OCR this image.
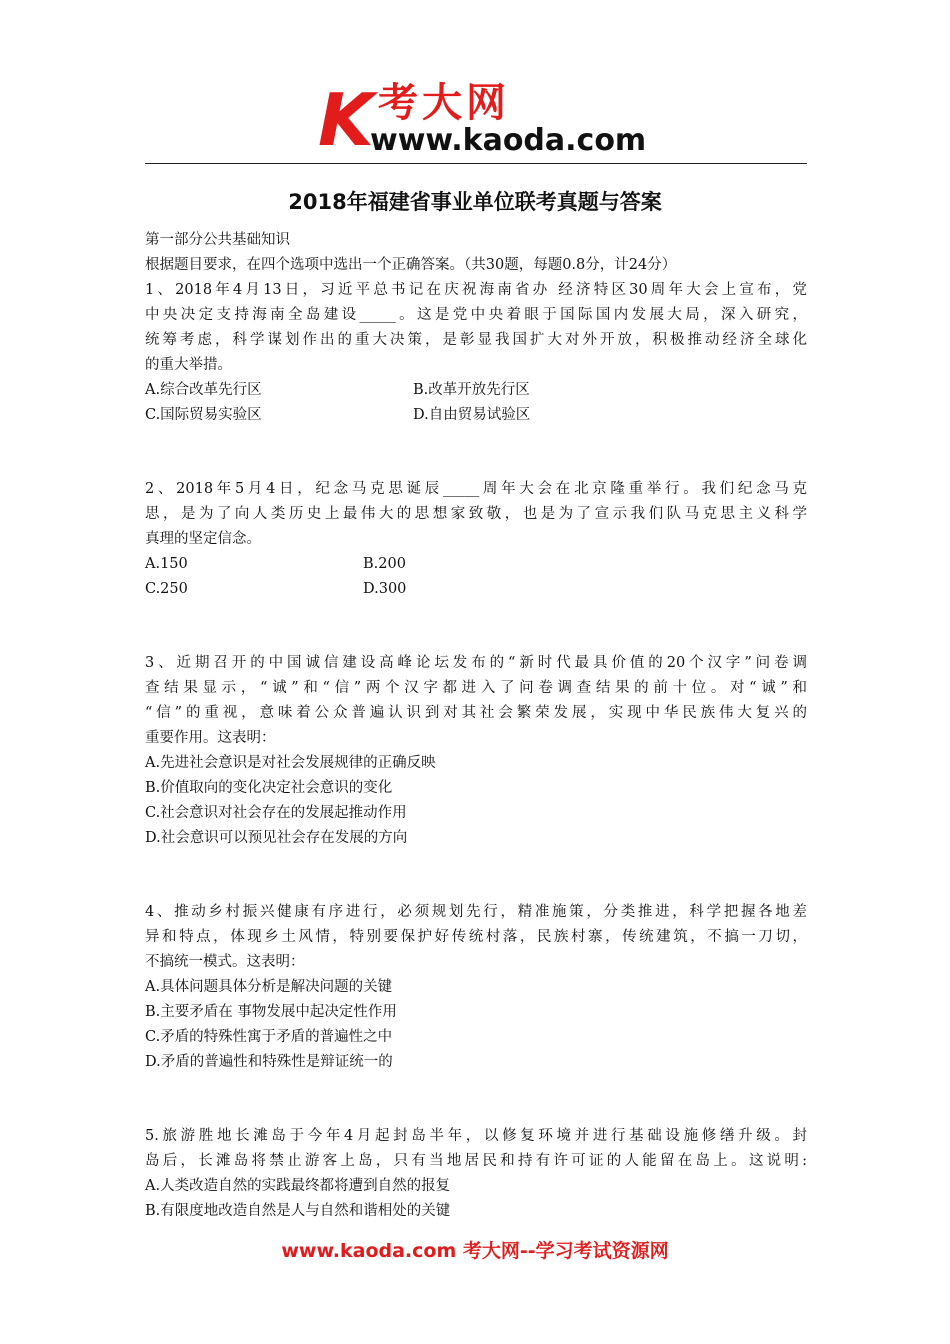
K 考大网
www.kaoda.com
2018年福建省事业单位联考真题与答案
第一部分公共基础知识
根据题目要求，在四个选项中选出一个正确答案。（共30题，每题0.8分，计24分）
1、2018年4月13日，习近平总书记在庆祝海南省办 经济特区30周年大会上宣布，党
中央决定支持海南全岛建设_____。这是党中央着眼于国际国内发展大局，深入研究，
统筹考虑，科学谋划作出的重大决策，是彰显我国扩大对外开放，积极推动经济全球化
的重大举措。
A.综合改革先行区	B.改革开放先行区
C.国际贸易实验区	D.自由贸易试验区
2、2018年5月4日，纪念马克思诞辰_____周年大会在北京隆重举行。我们纪念马克
思，是为了向人类历史上最伟大的思想家致敬，也是为了宣示我们队马克思主义科学
真理的坚定信念。
A.150	B.200
C.250	D.300
3、近期召开的中国诚信建设高峰论坛发布的“新时代最具价值的20个汉字”问卷调
查结果显示，“诚”和“信”两个汉字都进入了问卷调查结果的前十位。对“诚”和
“信”的重视，意味着公众普遍认识到对其社会繁荣发展，实现中华民族伟大复兴的
重要作用。这表明：
A.先进社会意识是对社会发展规律的正确反映
B.价值取向的变化决定社会意识的变化
C.社会意识对社会存在的发展起推动作用
D.社会意识可以预见社会存在发展的方向
4、推动乡村振兴健康有序进行，必须规划先行，精准施策，分类推进，科学把握各地差
异和特点，体现乡土风情，特别要保护好传统村落，民族村寨，传统建筑，不搞一刀切，
不搞统一模式。这表明：
A.具体问题具体分析是解决问题的关键
B.主要矛盾在 事物发展中起决定性作用
C.矛盾的特殊性寓于矛盾的普遍性之中
D.矛盾的普遍性和特殊性是辩证统一的
5.旅游胜地长滩岛于今年4月起封岛半年，以修复环境并进行基础设施修缮升级。封
岛后，长滩岛将禁止游客上岛，只有当地居民和持有许可证的人能留在岛上。这说明:
A.人类改造自然的实践最终都将遭到自然的报复
B.有限度地改造自然是人与自然和谐相处的关键
www.kaoda.com 考大网--学习考试资源网
